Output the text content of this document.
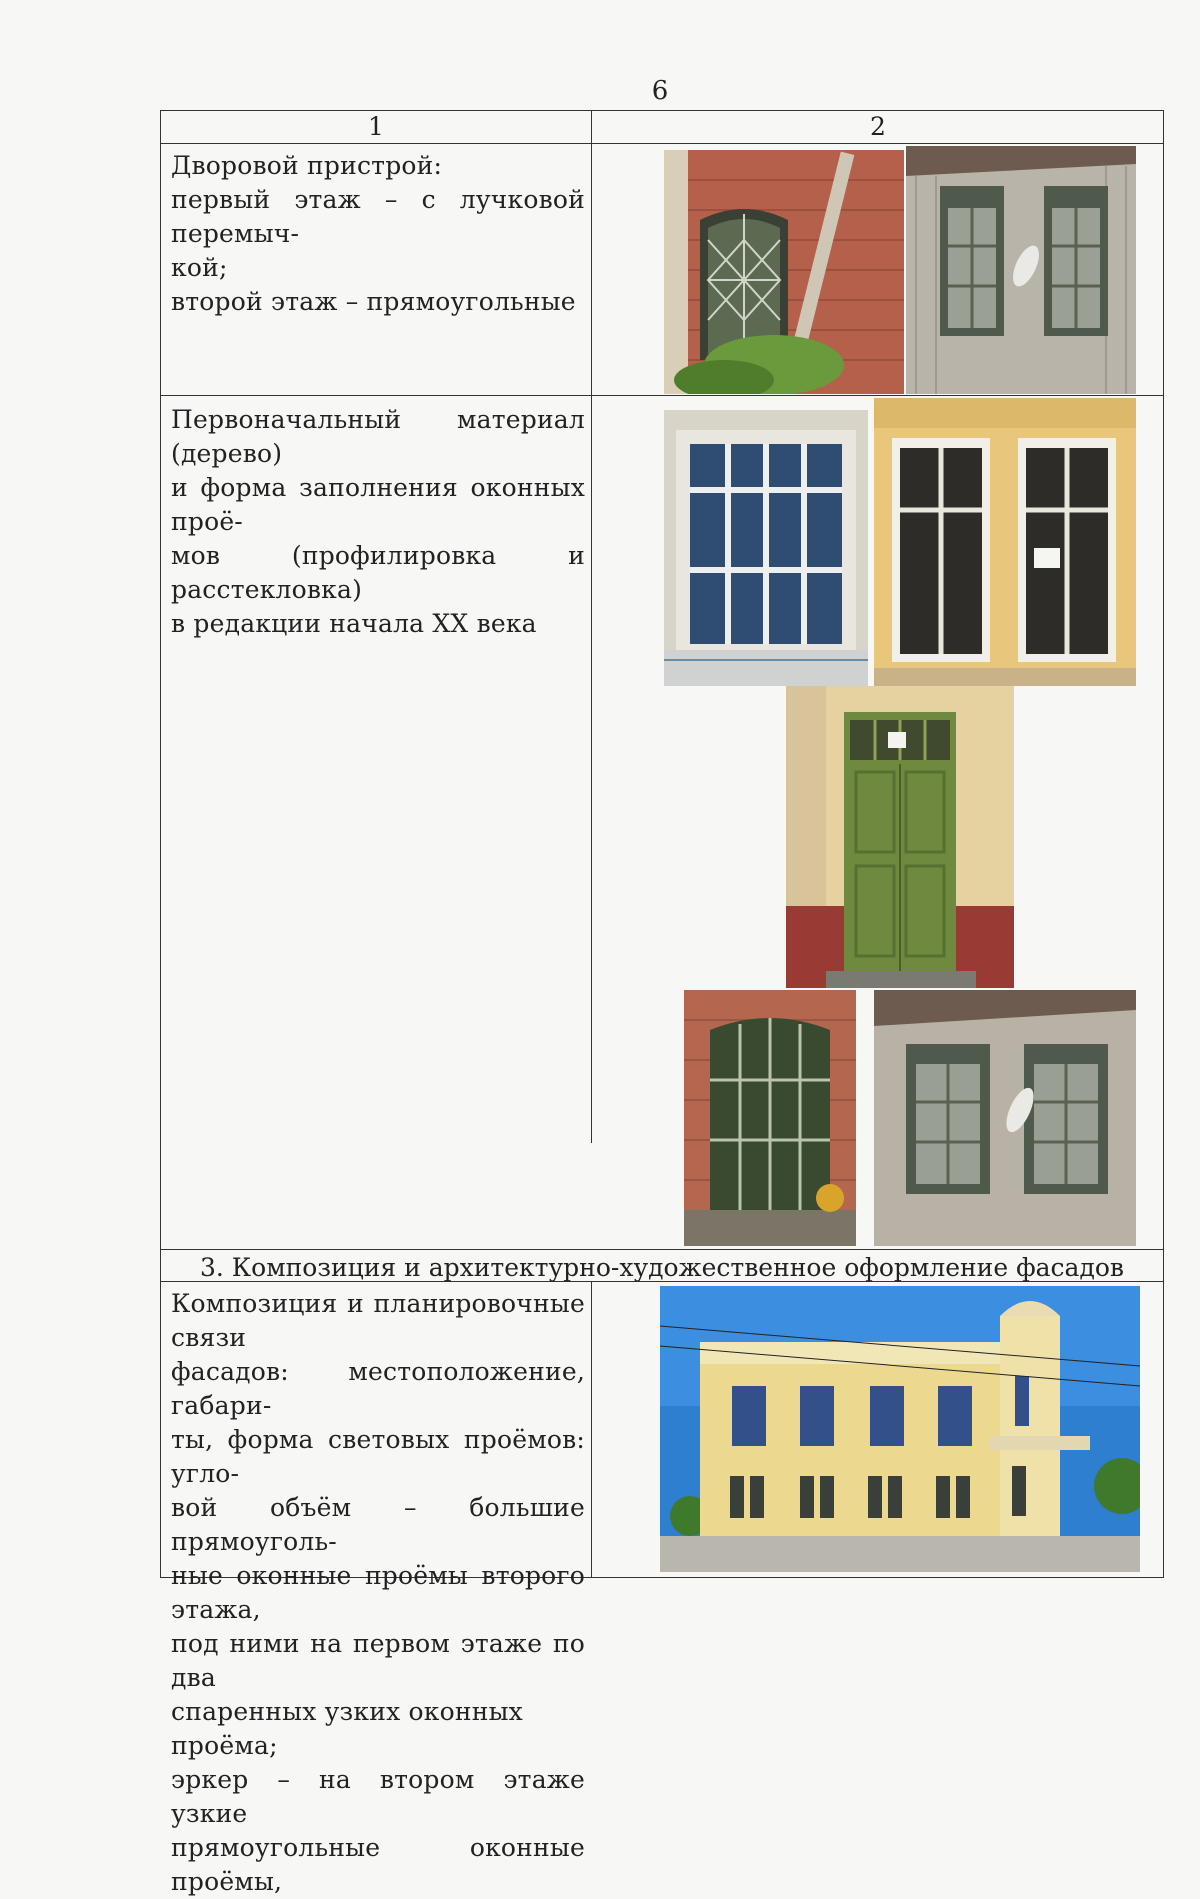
6
1	2

Дворовой пристрой:

первый этаж – с лучковой перемыч-

кой;

второй этаж – прямоугольные

Первоначальный материал (дерево)

и форма заполнения оконных проё-

мов (профилировка и расстекловка)

в редакции начала XX века

3. Композиция и архитектурно-художественное оформление фасадов

Композиция и планировочные связи

фасадов: местоположение, габари-

ты, форма световых проёмов: угло-

вой объём – большие прямоуголь-

ные оконные проёмы второго этажа,

под ними на первом этаже по два

спаренных узких оконных проёма;

эркер – на втором этаже узкие

прямоугольные оконные проёмы,
